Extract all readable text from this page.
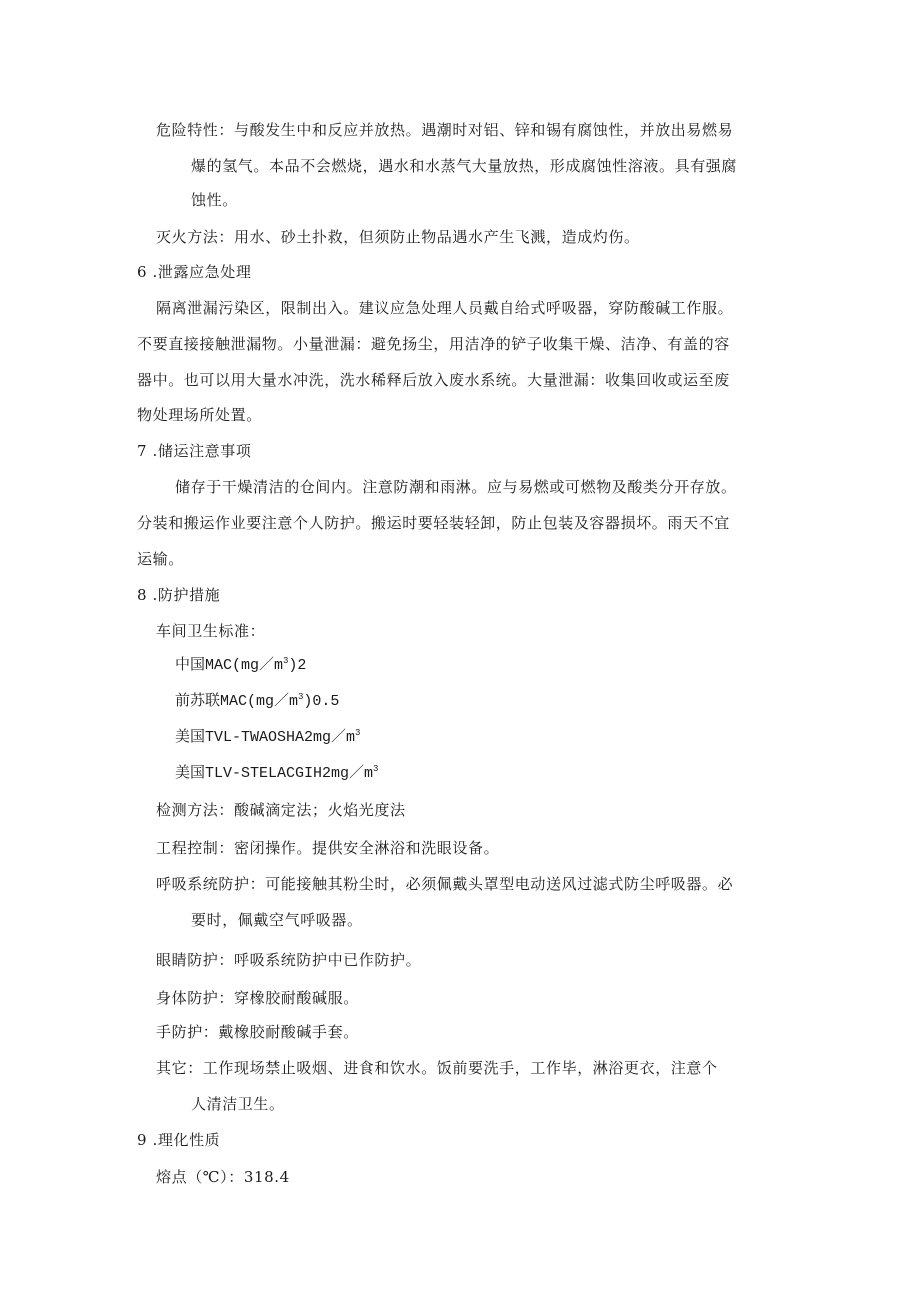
危险特性：与酸发生中和反应并放热。遇潮时对铝、锌和锡有腐蚀性，并放出易燃易
爆的氢气。本品不会燃烧，遇水和水蒸气大量放热，形成腐蚀性溶液。具有强腐
蚀性。
灭火方法：用水、砂土扑救，但须防止物品遇水产生飞溅，造成灼伤。
6 .泄露应急处理
隔离泄漏污染区，限制出入。建议应急处理人员戴自给式呼吸器，穿防酸碱工作服。
不要直接接触泄漏物。小量泄漏：避免扬尘，用洁净的铲子收集干燥、洁净、有盖的容
器中。也可以用大量水冲洗，洗水稀释后放入废水系统。大量泄漏：收集回收或运至废
物处理场所处置。
7 .储运注意事项
储存于干燥清洁的仓间内。注意防潮和雨淋。应与易燃或可燃物及酸类分开存放。
分装和搬运作业要注意个人防护。搬运时要轻装轻卸，防止包装及容器损坏。雨天不宜
运输。
8 .防护措施
车间卫生标准：
中国$MAC(mg/m^3)2$
前苏联$MAC(mg/m^3)0.5$
美国TVL-$TWAOSHA2mg/m^3$
美国TLV-$STELACGIH2mg/m^3$
检测方法：酸碱滴定法；火焰光度法
工程控制：密闭操作。提供安全淋浴和洗眼设备。
呼吸系统防护：可能接触其粉尘时，必须佩戴头罩型电动送风过滤式防尘呼吸器。必
要时，佩戴空气呼吸器。
眼睛防护：呼吸系统防护中已作防护。
身体防护：穿橡胶耐酸碱服。
手防护：戴橡胶耐酸碱手套。
其它：工作现场禁止吸烟、进食和饮水。饭前要洗手，工作毕，淋浴更衣，注意个
人清洁卫生。
9 .理化性质
熔点（℃）：318.4
